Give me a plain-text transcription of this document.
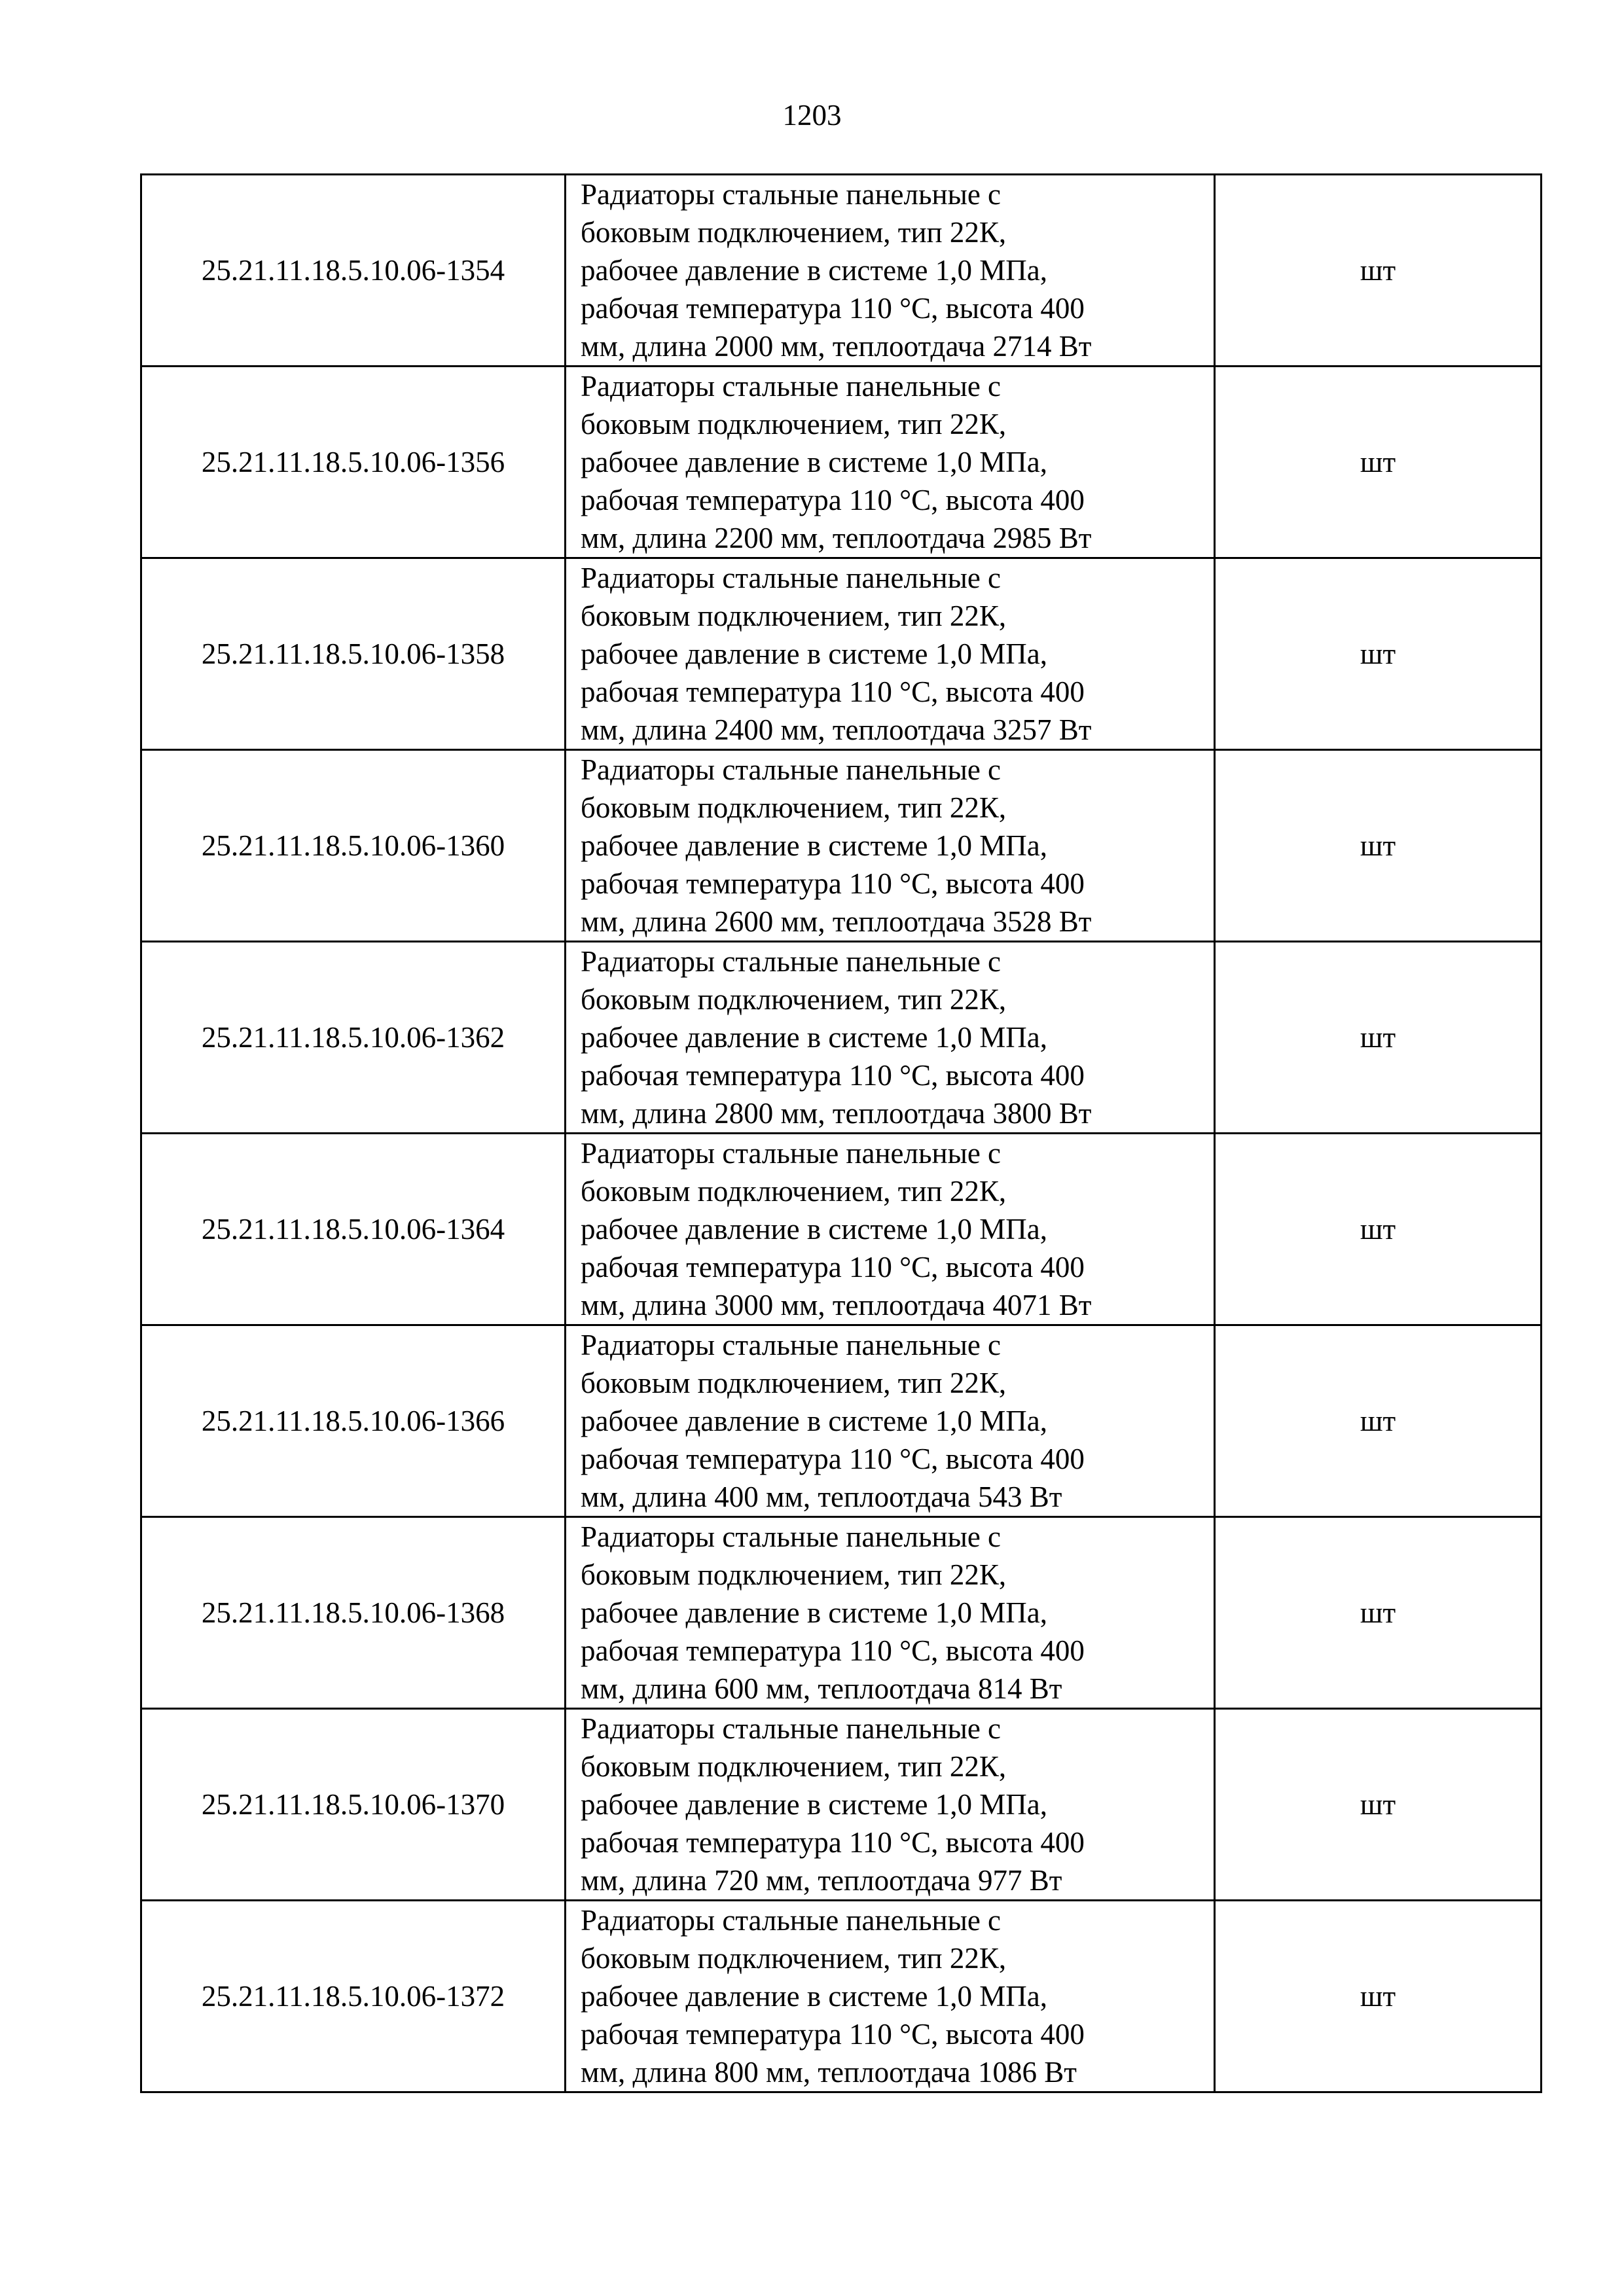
1203
25.21.11.18.5.10.06-1354	Радиаторы стальные панельные с
боковым подключением, тип 22К,
рабочее давление в системе 1,0 МПа,
рабочая температура 110 °С, высота 400
мм, длина 2000 мм, теплоотдача 2714 Вт	шт
25.21.11.18.5.10.06-1356	Радиаторы стальные панельные с
боковым подключением, тип 22К,
рабочее давление в системе 1,0 МПа,
рабочая температура 110 °С, высота 400
мм, длина 2200 мм, теплоотдача 2985 Вт	шт
25.21.11.18.5.10.06-1358	Радиаторы стальные панельные с
боковым подключением, тип 22К,
рабочее давление в системе 1,0 МПа,
рабочая температура 110 °С, высота 400
мм, длина 2400 мм, теплоотдача 3257 Вт	шт
25.21.11.18.5.10.06-1360	Радиаторы стальные панельные с
боковым подключением, тип 22К,
рабочее давление в системе 1,0 МПа,
рабочая температура 110 °С, высота 400
мм, длина 2600 мм, теплоотдача 3528 Вт	шт
25.21.11.18.5.10.06-1362	Радиаторы стальные панельные с
боковым подключением, тип 22К,
рабочее давление в системе 1,0 МПа,
рабочая температура 110 °С, высота 400
мм, длина 2800 мм, теплоотдача 3800 Вт	шт
25.21.11.18.5.10.06-1364	Радиаторы стальные панельные с
боковым подключением, тип 22К,
рабочее давление в системе 1,0 МПа,
рабочая температура 110 °С, высота 400
мм, длина 3000 мм, теплоотдача 4071 Вт	шт
25.21.11.18.5.10.06-1366	Радиаторы стальные панельные с
боковым подключением, тип 22К,
рабочее давление в системе 1,0 МПа,
рабочая температура 110 °С, высота 400
мм, длина 400 мм, теплоотдача 543 Вт	шт
25.21.11.18.5.10.06-1368	Радиаторы стальные панельные с
боковым подключением, тип 22К,
рабочее давление в системе 1,0 МПа,
рабочая температура 110 °С, высота 400
мм, длина 600 мм, теплоотдача 814 Вт	шт
25.21.11.18.5.10.06-1370	Радиаторы стальные панельные с
боковым подключением, тип 22К,
рабочее давление в системе 1,0 МПа,
рабочая температура 110 °С, высота 400
мм, длина 720 мм, теплоотдача 977 Вт	шт
25.21.11.18.5.10.06-1372	Радиаторы стальные панельные с
боковым подключением, тип 22К,
рабочее давление в системе 1,0 МПа,
рабочая температура 110 °С, высота 400
мм, длина 800 мм, теплоотдача 1086 Вт	шт
